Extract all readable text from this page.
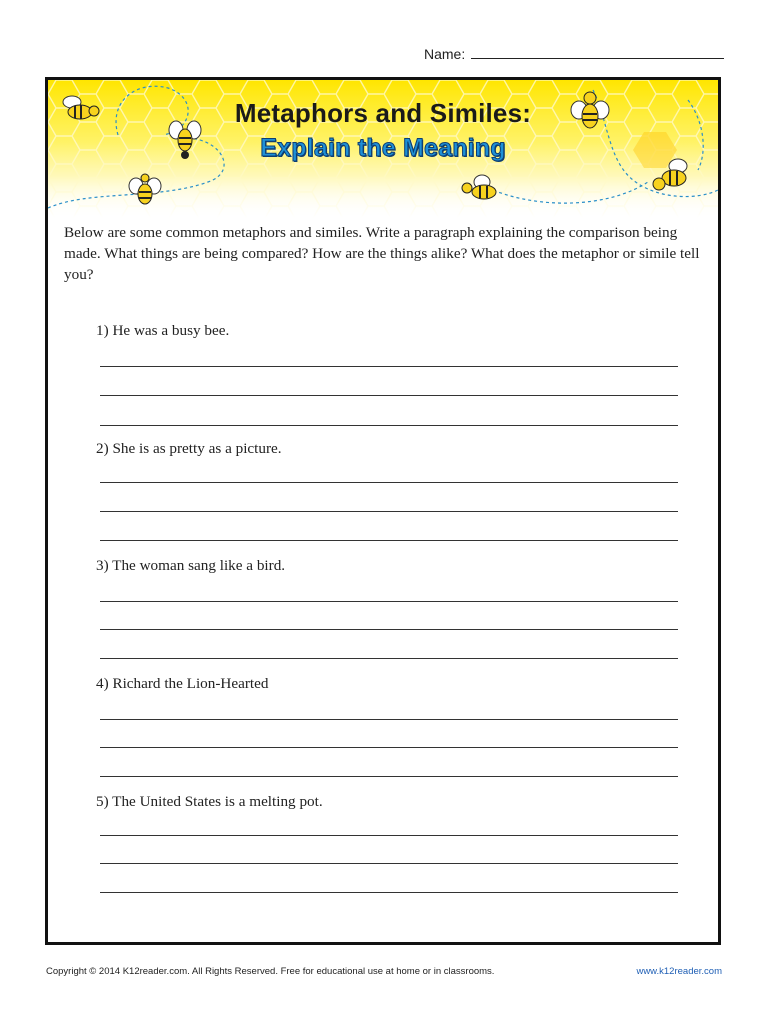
Name:
Metaphors and Similes:
Explain the Meaning
Below are some common metaphors and similes. Write a paragraph explaining the comparison being made. What things are being compared? How are the things alike? What does the metaphor or simile tell you?
1) He was a busy bee.
2) She is as pretty as a picture.
3) The woman sang like a bird.
4) Richard the Lion-Hearted
5) The United States is a melting pot.
Copyright © 2014 K12reader.com. All Rights Reserved. Free for educational use at home or in classrooms.	www.k12reader.com
